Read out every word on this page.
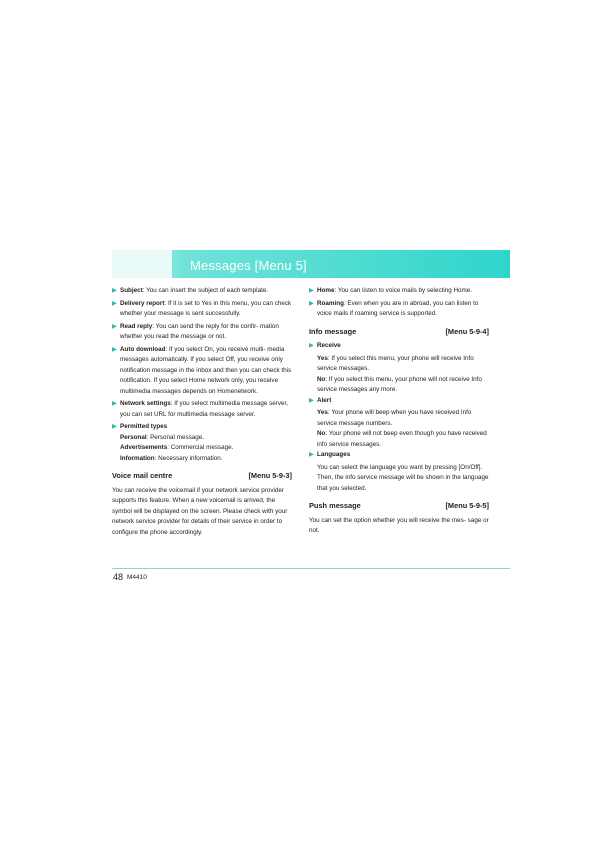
Messages [Menu 5]
▶ Subject: You can insert the subject of each template.
▶ Delivery report: If it is set to Yes in this menu, you can check whether your message is sent successfully.
▶ Read reply: You can send the reply for the confir- mation whether you read the message or not.
▶ Auto download: If you select On, you receive multi- media messages automatically. If you select Off, you receive only notification message in the inbox and then you can check this notification. If you select Home network only, you receive multimedia messages depends on Homenetwork.
▶ Network settings: If you select multimedia message server, you can set URL for multimedia message server.
▶ Permitted types
Personal: Personal message.
Advertisements: Commercial message.
Information: Necessary information.
Voice mail centre	[Menu 5-9-3]

You can receive the voicemail if your network service provider supports this feature. When a new voicemail is arrived, the symbol will be displayed on the screen. Please check with your network service provider for details of their service in order to configure the phone accordingly.

▶ Home: You can listen to voice mails by selecting Home.
▶ Roaming: Even when you are in abroad, you can listen to voice mails if roaming service is supported.
Info message	[Menu 5-9-4]
▶ Receive
Yes: If you select this menu, your phone will receive Info service messages.
No: If you select this menu, your phone will not receive Info service messages any more.
▶ Alert
Yes: Your phone will beep when you have received Info service message numbers.
No: Your phone will not beep even though you have received info service messages.
▶ Languages
You can select the language you want by pressing [On/Off]. Then, the info service message will be shown in the language that you selected.
Push message	[Menu 5-9-5]

You can set the option whether you will receive the mes- sage or not.

48 M4410
